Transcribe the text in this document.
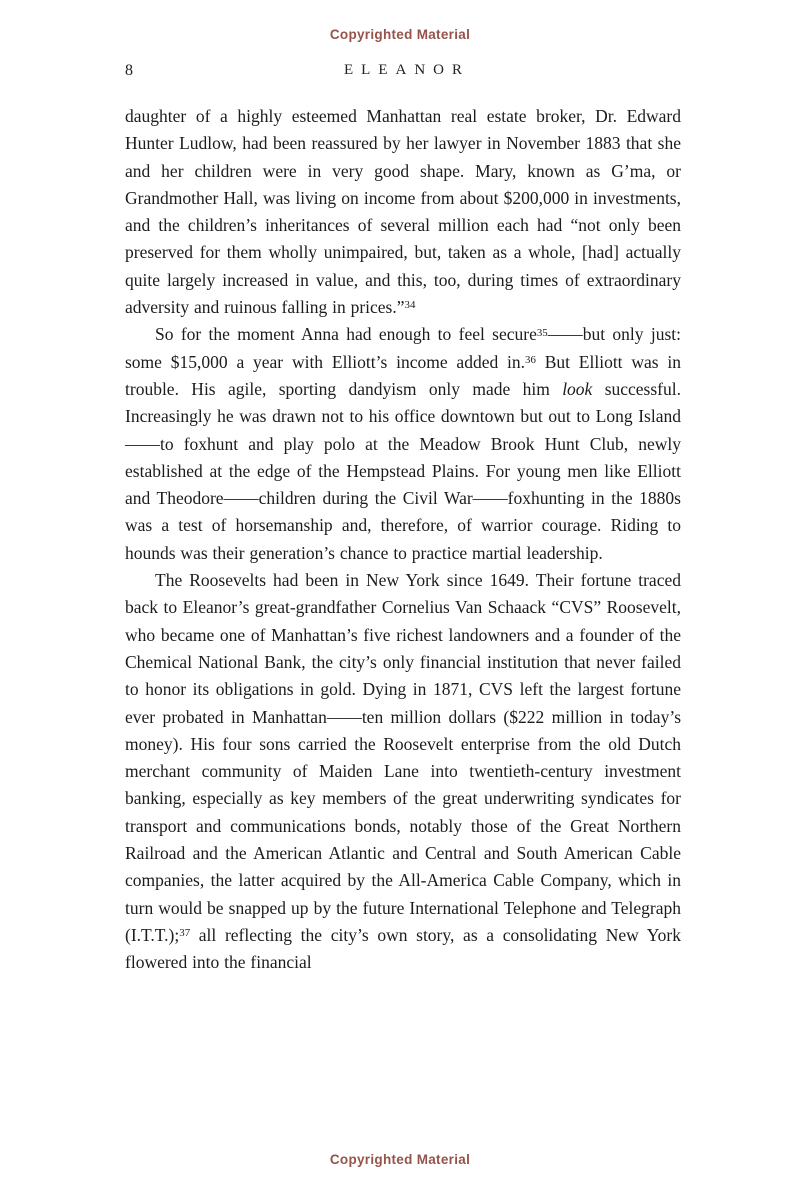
Copyrighted Material
8	ELEANOR

daughter of a highly esteemed Manhattan real estate broker, Dr. Edward Hunter Ludlow, had been reassured by her lawyer in November 1883 that she and her children were in very good shape. Mary, known as G’ma, or Grandmother Hall, was living on income from about $200,000 in investments, and the children’s inheritances of several million each had “not only been preserved for them wholly unimpaired, but, taken as a whole, [had] actually quite largely increased in value, and this, too, during times of extraordinary adversity and ruinous falling in prices.”$^{34}$

So for the moment Anna had enough to feel secure$^{35}$——but only just: some $15,000 a year with Elliott’s income added in.$^{36}$ But Elliott was in trouble. His agile, sporting dandyism only made him look successful. Increasingly he was drawn not to his office downtown but out to Long Island——to foxhunt and play polo at the Meadow Brook Hunt Club, newly established at the edge of the Hempstead Plains. For young men like Elliott and Theodore——children during the Civil War——foxhunting in the 1880s was a test of horsemanship and, therefore, of warrior courage. Riding to hounds was their generation’s chance to practice martial leadership.

The Roosevelts had been in New York since 1649. Their fortune traced back to Eleanor’s great-grandfather Cornelius Van Schaack “CVS” Roosevelt, who became one of Manhattan’s five richest landowners and a founder of the Chemical National Bank, the city’s only financial institution that never failed to honor its obligations in gold. Dying in 1871, CVS left the largest fortune ever probated in Manhattan——ten million dollars ($222 million in today’s money). His four sons carried the Roosevelt enterprise from the old Dutch merchant community of Maiden Lane into twentieth-century investment banking, especially as key members of the great underwriting syndicates for transport and communications bonds, notably those of the Great Northern Railroad and the American Atlantic and Central and South American Cable companies, the latter acquired by the All-America Cable Company, which in turn would be snapped up by the future International Telephone and Telegraph (I.T.T.);$^{37}$ all reflecting the city’s own story, as a consolidating New York flowered into the financial

Copyrighted Material
